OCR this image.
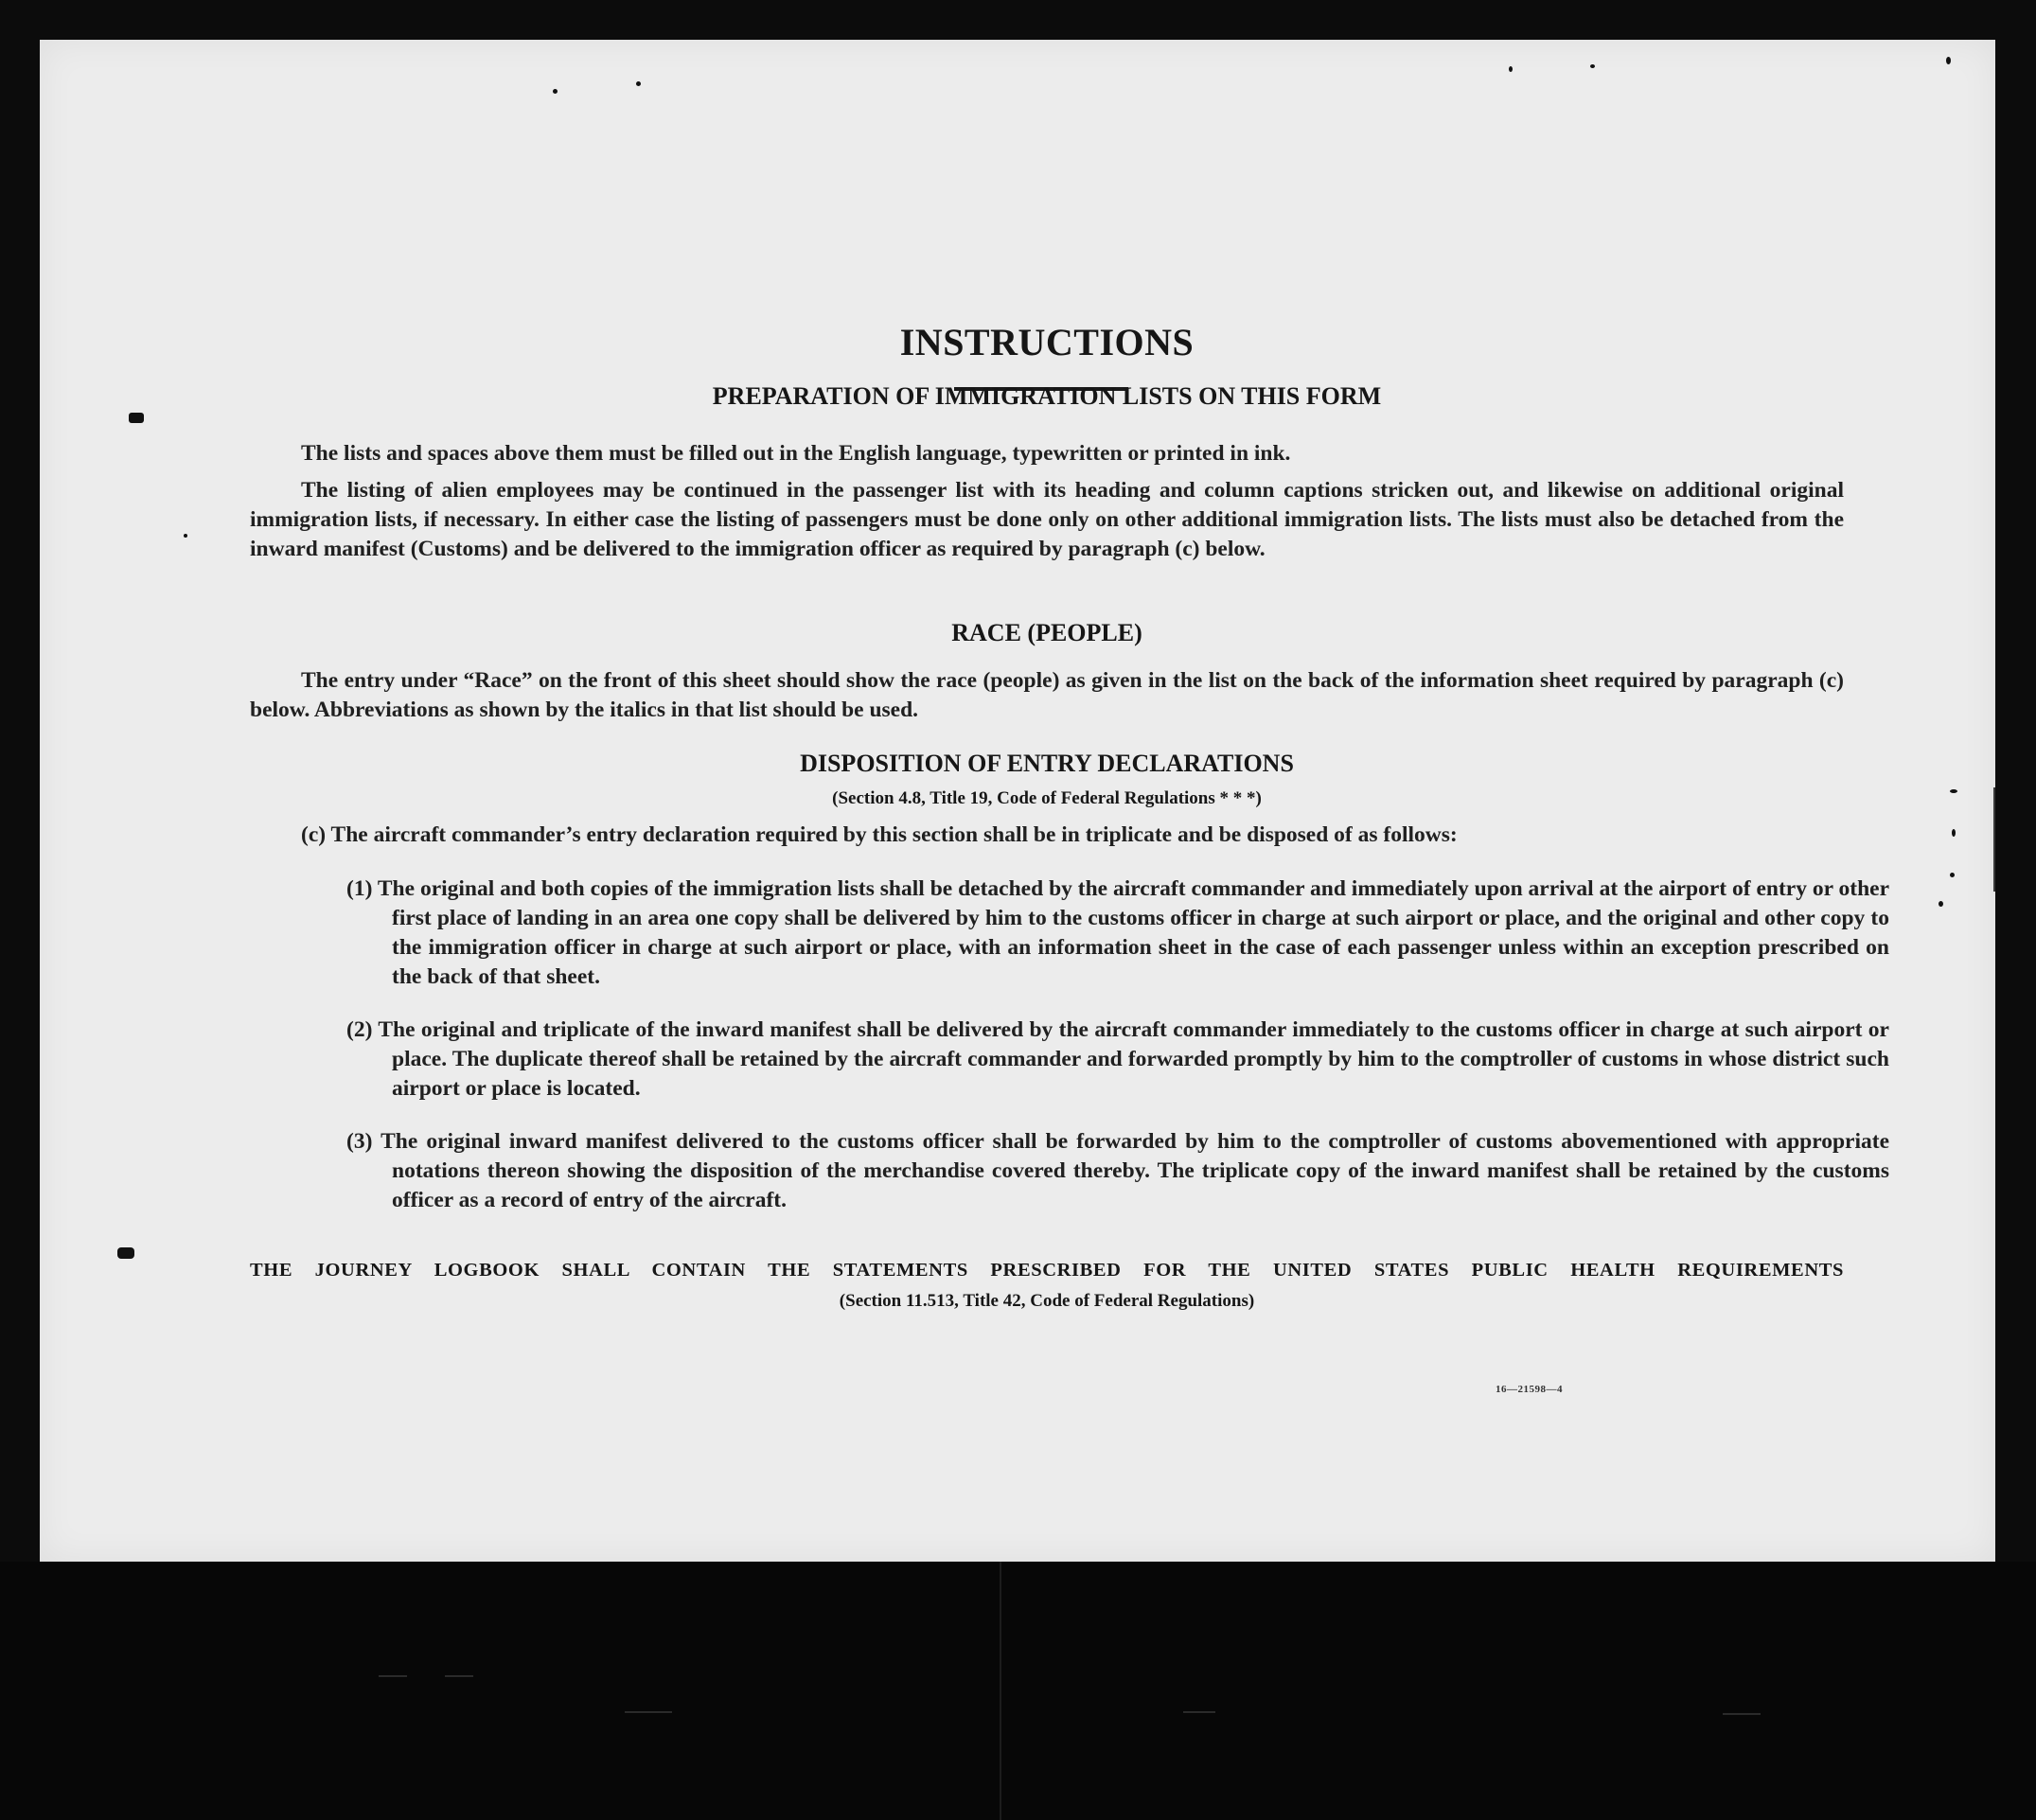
INSTRUCTIONS
PREPARATION OF IMMIGRATION LISTS ON THIS FORM

The lists and spaces above them must be filled out in the English language, typewritten or printed in ink.

The listing of alien employees may be continued in the passenger list with its heading and column captions stricken out, and likewise on additional original immigration lists, if necessary. In either case the listing of passengers must be done only on other additional immigration lists. The lists must also be detached from the inward manifest (Customs) and be delivered to the immigration officer as required by paragraph (c) below.

RACE (PEOPLE)

The entry under “Race” on the front of this sheet should show the race (people) as given in the list on the back of the information sheet required by paragraph (c) below. Abbreviations as shown by the italics in that list should be used.

DISPOSITION OF ENTRY DECLARATIONS

(Section 4.8, Title 19, Code of Federal Regulations * * *)

(c) The aircraft commander’s entry declaration required by this section shall be in triplicate and be disposed of as follows:

(1) The original and both copies of the immigration lists shall be detached by the aircraft commander and immediately upon arrival at the airport of entry or other first place of landing in an area one copy shall be delivered by him to the customs officer in charge at such airport or place, and the original and other copy to the immigration officer in charge at such airport or place, with an information sheet in the case of each passenger unless within an exception prescribed on the back of that sheet.

(2) The original and triplicate of the inward manifest shall be delivered by the aircraft commander immediately to the customs officer in charge at such airport or place. The duplicate thereof shall be retained by the aircraft commander and forwarded promptly by him to the comptroller of customs in whose district such airport or place is located.

(3) The original inward manifest delivered to the customs officer shall be forwarded by him to the comptroller of customs abovementioned with appropriate notations thereon showing the disposition of the merchandise covered thereby. The triplicate copy of the inward manifest shall be retained by the customs officer as a record of entry of the aircraft.

THE JOURNEY LOGBOOK SHALL CONTAIN THE STATEMENTS PRESCRIBED FOR THE UNITED STATES PUBLIC HEALTH REQUIREMENTS

(Section 11.513, Title 42, Code of Federal Regulations)

16—21598—4
